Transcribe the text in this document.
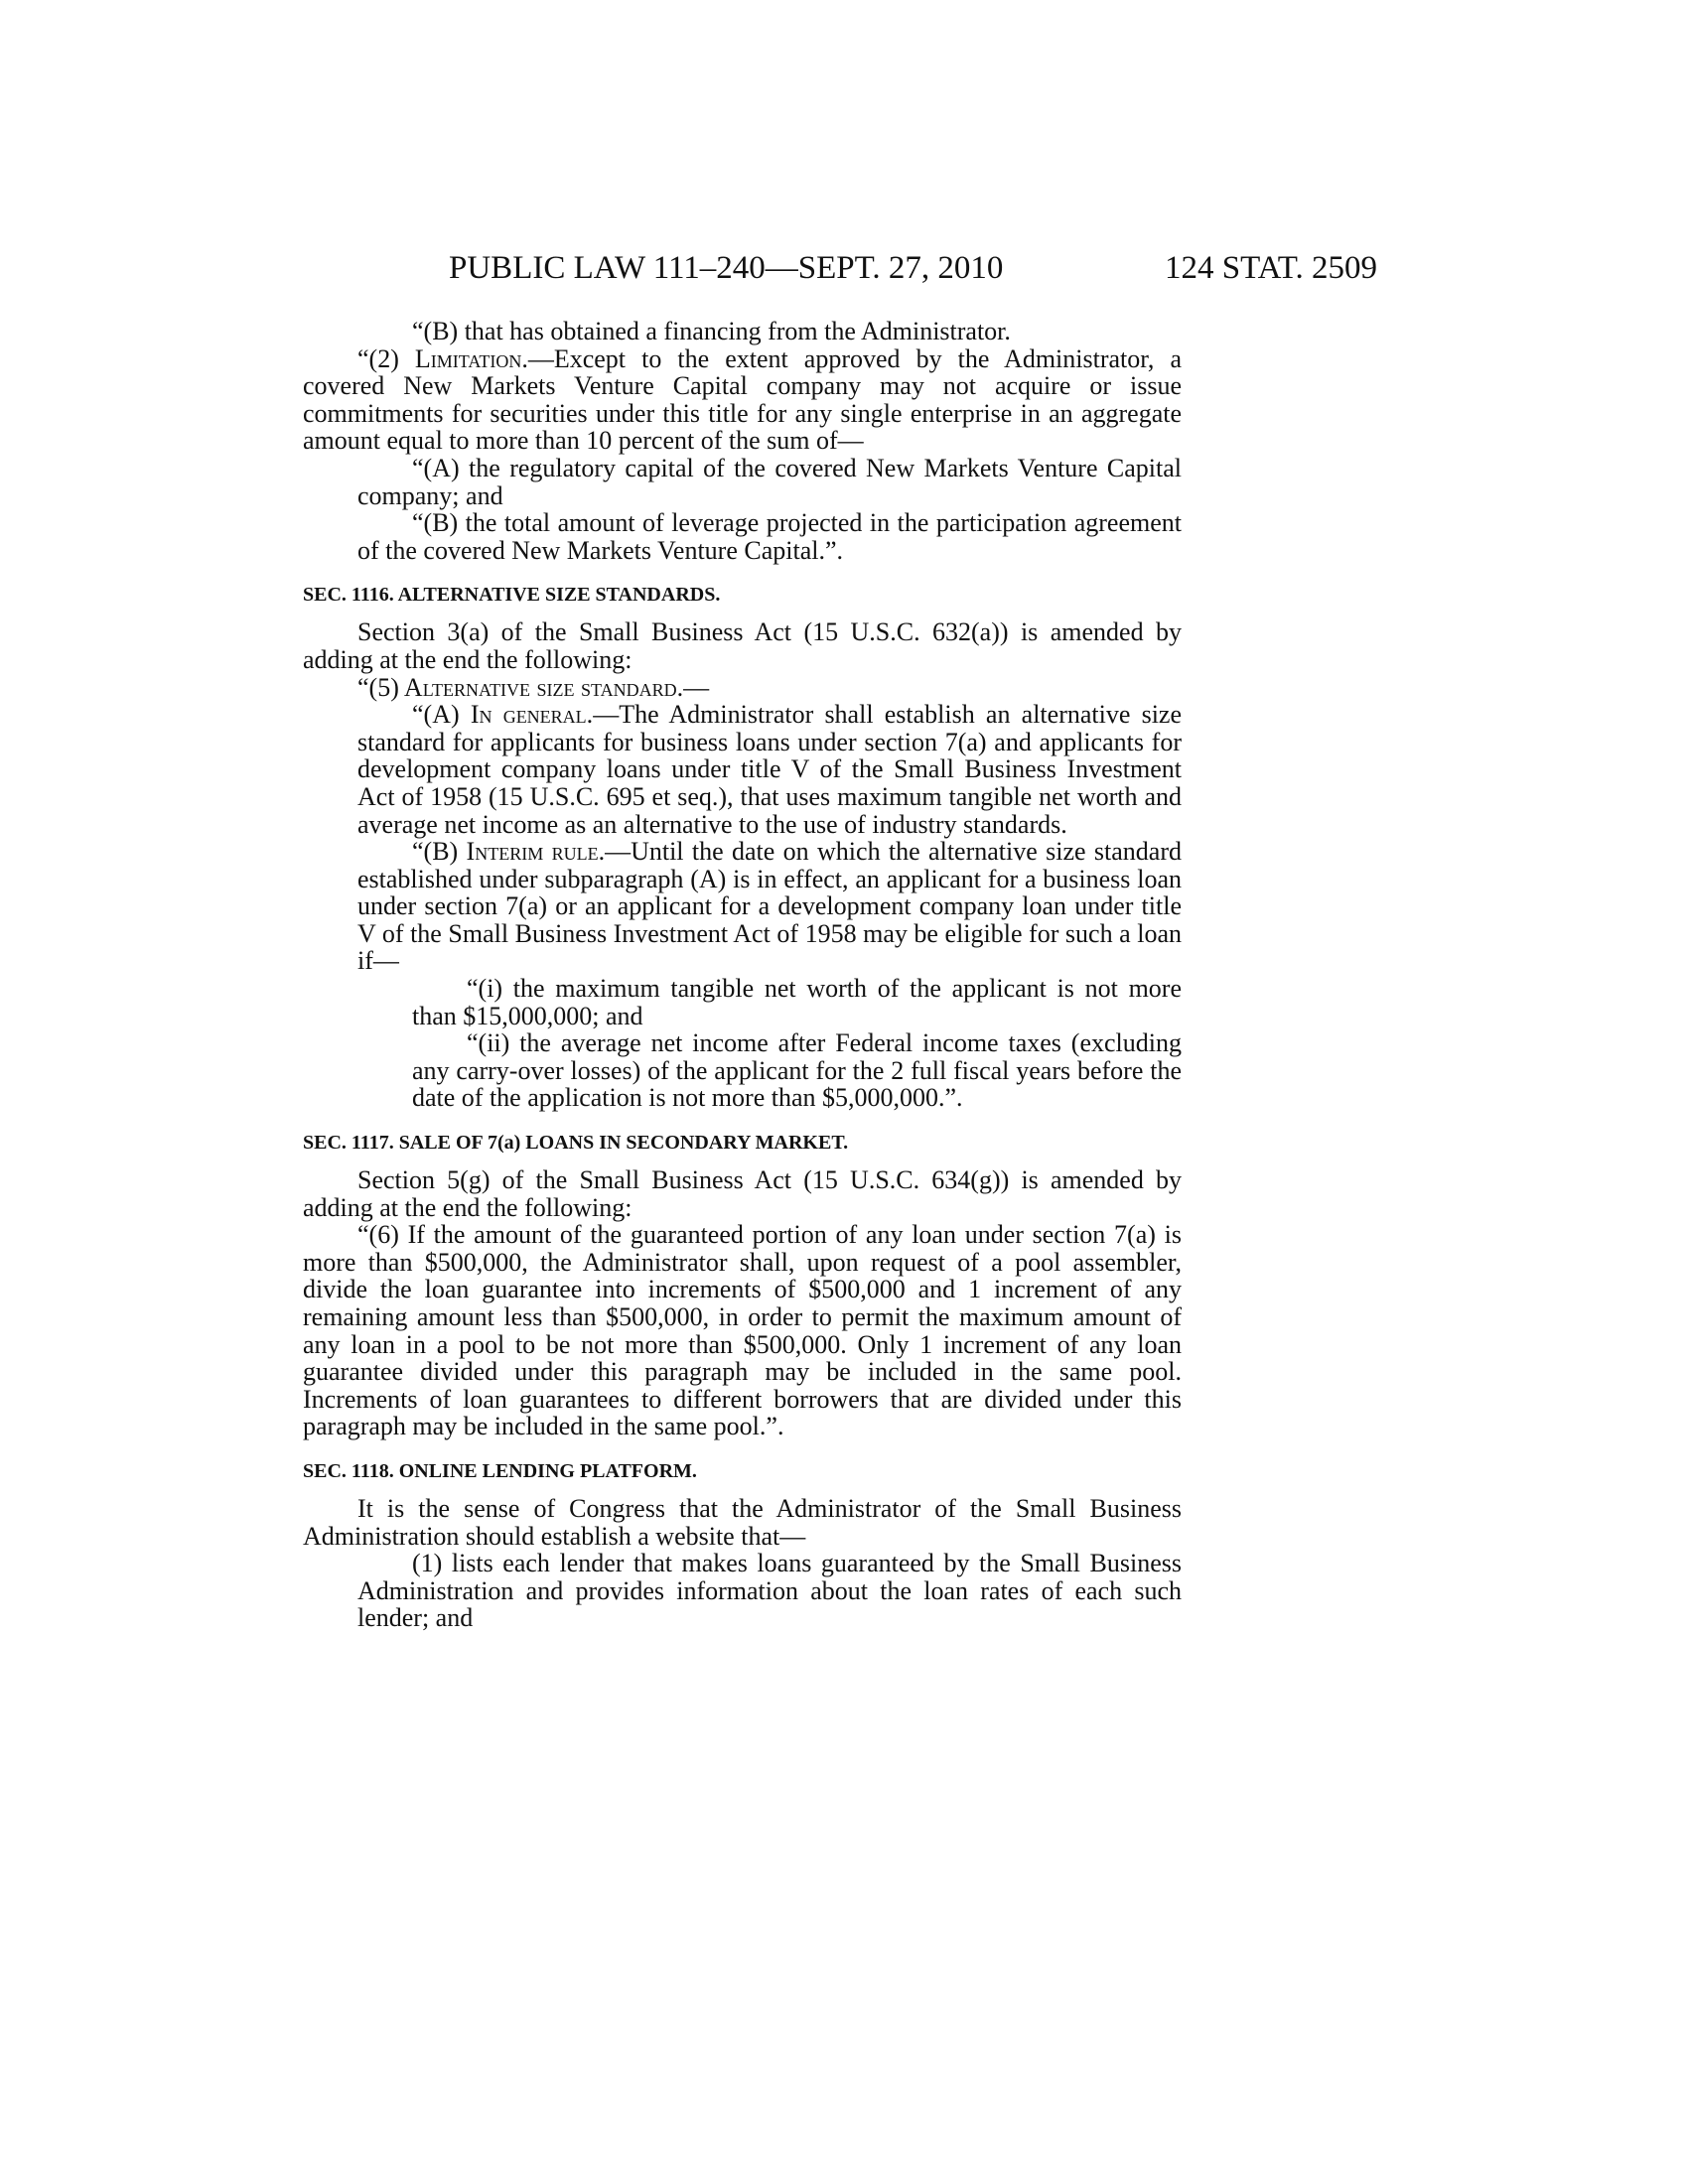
PUBLIC LAW 111–240—SEPT. 27, 2010	124 STAT. 2509

“(B) that has obtained a financing from the Administrator.

“(2) Limitation.—Except to the extent approved by the Administrator, a covered New Markets Venture Capital company may not acquire or issue commitments for securities under this title for any single enterprise in an aggregate amount equal to more than 10 percent of the sum of—

“(A) the regulatory capital of the covered New Markets Venture Capital company; and

“(B) the total amount of leverage projected in the participation agreement of the covered New Markets Venture Capital.”.

SEC. 1116. ALTERNATIVE SIZE STANDARDS.

Section 3(a) of the Small Business Act (15 U.S.C. 632(a)) is amended by adding at the end the following:

“(5) Alternative size standard.—

“(A) In general.—The Administrator shall establish an alternative size standard for applicants for business loans under section 7(a) and applicants for development company loans under title V of the Small Business Investment Act of 1958 (15 U.S.C. 695 et seq.), that uses maximum tangible net worth and average net income as an alternative to the use of industry standards.

“(B) Interim rule.—Until the date on which the alternative size standard established under subparagraph (A) is in effect, an applicant for a business loan under section 7(a) or an applicant for a development company loan under title V of the Small Business Investment Act of 1958 may be eligible for such a loan if—

“(i) the maximum tangible net worth of the applicant is not more than $15,000,000; and

“(ii) the average net income after Federal income taxes (excluding any carry-over losses) of the applicant for the 2 full fiscal years before the date of the application is not more than $5,000,000.”.

SEC. 1117. SALE OF 7(a) LOANS IN SECONDARY MARKET.

Section 5(g) of the Small Business Act (15 U.S.C. 634(g)) is amended by adding at the end the following:

“(6) If the amount of the guaranteed portion of any loan under section 7(a) is more than $500,000, the Administrator shall, upon request of a pool assembler, divide the loan guarantee into increments of $500,000 and 1 increment of any remaining amount less than $500,000, in order to permit the maximum amount of any loan in a pool to be not more than $500,000. Only 1 increment of any loan guarantee divided under this paragraph may be included in the same pool. Increments of loan guarantees to different borrowers that are divided under this paragraph may be included in the same pool.”.

SEC. 1118. ONLINE LENDING PLATFORM.

It is the sense of Congress that the Administrator of the Small Business Administration should establish a website that—

(1) lists each lender that makes loans guaranteed by the Small Business Administration and provides information about the loan rates of each such lender; and
